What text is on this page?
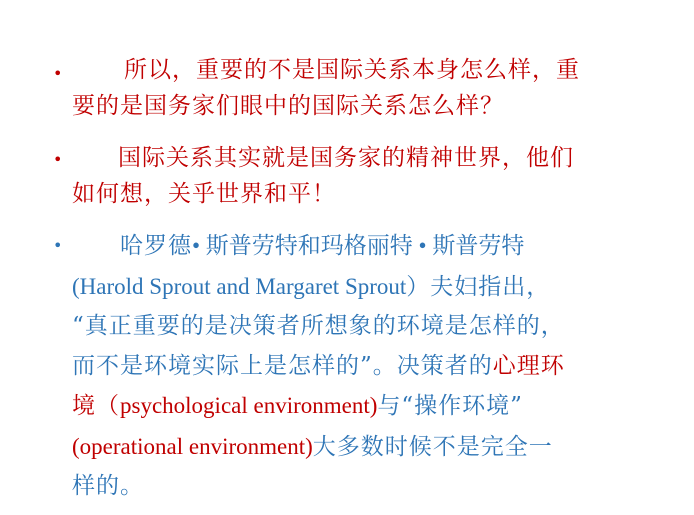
•	所以，重要的不是国际关系本身怎么样，重
要的是国务家们眼中的国际关系怎么样？
•	国际关系其实就是国务家的精神世界，他们
如何想，关乎世界和平！
•	哈罗德• 斯普劳特和玛格丽特 • 斯普劳特
(Harold Sprout and Margaret Sprout）夫妇指出，
“真正重要的是决策者所想象的环境是怎样的，
而不是环境实际上是怎样的”。决策者的心理环
境（psychological environment)与“操作环境”
(operational environment)大多数时候不是完全一
样的。
